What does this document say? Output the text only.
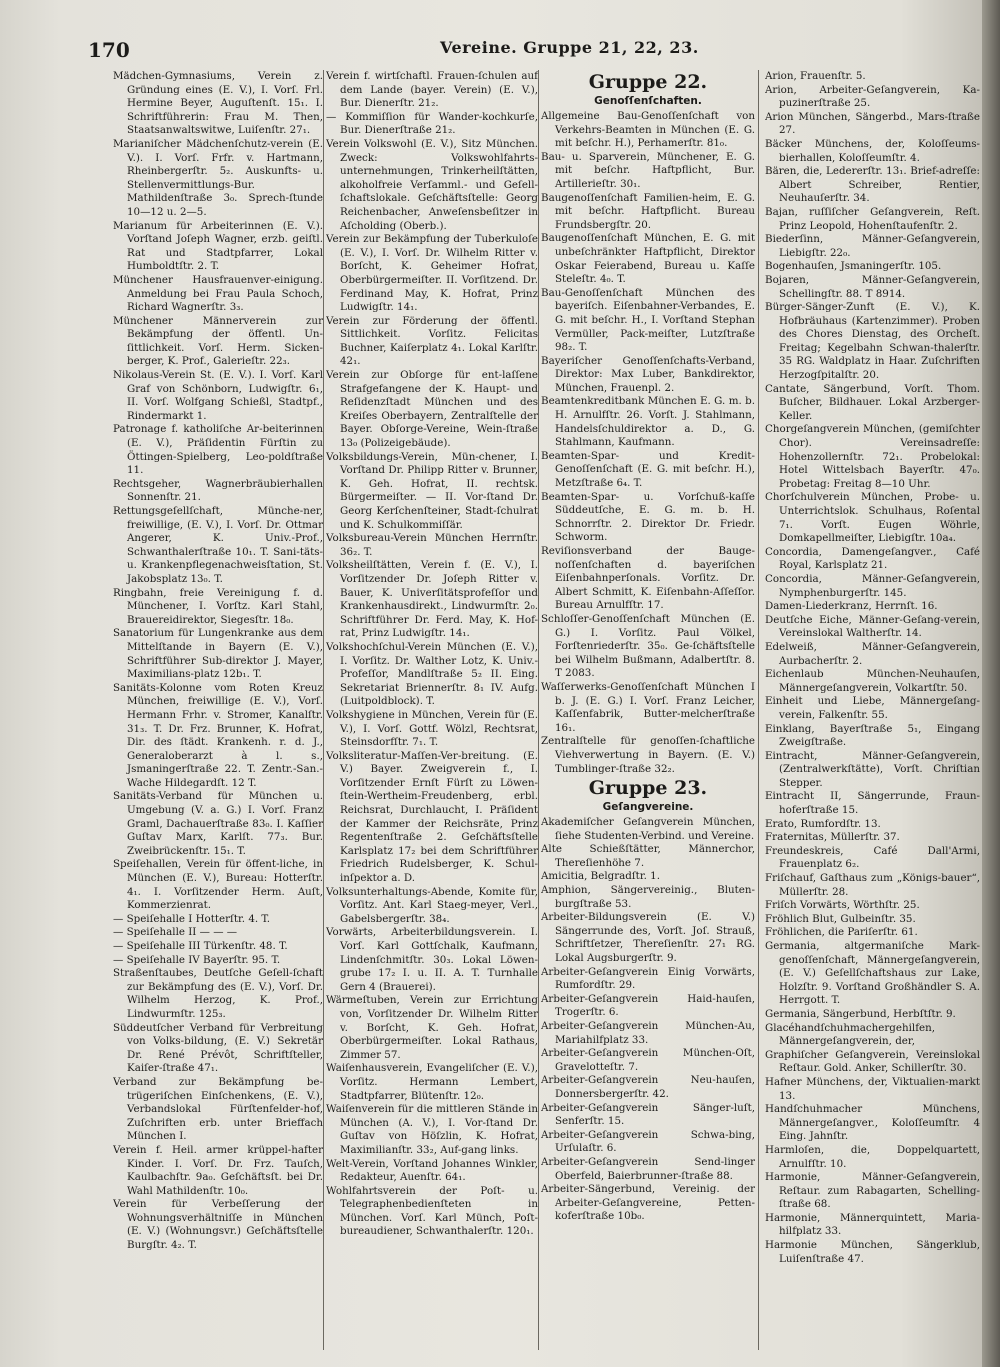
170	Vereine. Gruppe 21, 22, 23.

Mädchen-Gymnasiums, Verein z. Gründung eines (E. V.), I. Vorſ. Frl. Hermine Beyer, Auguſtenſt. 15₁. I. Schriftführerin: Frau M. Then, Staatsanwaltswitwe, Luiſenſtr. 27₁.

Marianiſcher Mädchenſchutz-verein (E. V.). I. Vorſ. Frfr. v. Hartmann, Rheinbergerſtr. 5₂. Auskunfts- u. Stellenvermittlungs-Bur. Mathildenſtraße 3₀. Sprech-ſtunde 10—12 u. 2—5.

Marianum für Arbeiterinnen (E. V.). Vorſtand Joſeph Wagner, erzb. geiſtl. Rat und Stadtpfarrer, Lokal Humboldtſtr. 2. T.

Münchener Hausfrauenver-einigung. Anmeldung bei Frau Paula Schoch, Richard Wagnerſtr. 3₃.

Münchener Männerverein zur Bekämpfung der öffentl. Un-ſittlichkeit. Vorſ. Herm. Sicken-berger, K. Prof., Galerieſtr. 22₃.

Nikolaus-Verein St. (E. V.). I. Vorſ. Karl Graf von Schönborn, Ludwigſtr. 6₁, II. Vorſ. Wolfgang Schießl, Stadtpf., Rindermarkt 1.

Patronage f. katholiſche Ar-beiterinnen (E. V.), Präſidentin Fürſtin zu Öttingen-Spielberg, Leo-poldſtraße 11.

Rechtsgeher, Wagnerbräubierhallen Sonnenſtr. 21.

Rettungsgeſellſchaft, Münche-ner, freiwillige, (E. V.), I. Vorſ. Dr. Ottmar Angerer, K. Univ.-Prof., Schwanthalerſtraße 10₁. T. Sani-täts- u. Krankenpflegenachweisſtation, St. Jakobsplatz 13₀. T.

Ringbahn, freie Vereinigung f. d. Münchener, I. Vorſtz. Karl Stahl, Brauereidirektor, Siegesſtr. 18₀.

Sanatorium für Lungenkranke aus dem Mittelſtande in Bayern (E. V.), Schriftführer Sub-direktor J. Mayer, Maximilians-platz 12b₁. T.

Sanitäts-Kolonne vom Roten Kreuz München, freiwillige (E. V.), Vorſ. Hermann Frhr. v. Stromer, Kanalſtr. 31₃. T. Dr. Frz. Brunner, K. Hofrat, Dir. des ſtädt. Krankenh. r. d. J., Generaloberarzt à l. s., Jsmaningerſtraße 22. T. Zentr.-San.-Wache Hildegardſt. 12 T.

Sanitäts-Verband für München u. Umgebung (V. a. G.) I. Vorſ. Franz Graml, Dachauerſtraße 83₀. I. Kaſſier Guſtav Marx, Karlſt. 77₃. Bur. Zweibrückenſtr. 15₁. T.

Speiſehallen, Verein für öffent-liche, in München (E. V.), Bureau: Hotterſtr. 4₁. I. Vorſitzender Herm. Auſt, Kommerzienrat.

— Speiſehalle I Hotterſtr. 4. T.

— Speiſehalle II — — —

— Speiſehalle III Türkenſtr. 48. T.

— Speiſehalle IV Bayerſtr. 95. T.

Straßenſtaubes, Deutſche Geſell-ſchaft zur Bekämpfung des (E. V.), Vorſ. Dr. Wilhelm Herzog, K. Prof., Lindwurmſtr. 125₃.

Süddeutſcher Verband für Verbreitung von Volks-bildung, (E. V.) Sekretär Dr. René Prévôt, Schriftſteller, Kaiſer-ſtraße 47₁.

Verband zur Bekämpfung be-trügeriſchen Einſchenkens, (E. V.), Verbandslokal Fürſtenfelder-hof, Zuſchriften erb. unter Brieffach München I.

Verein f. Heil. armer krüppel-hafter Kinder. I. Vorſ. Dr. Frz. Tauſch, Kaulbachſtr. 9a₀. Geſchäftsſt. bei Dr. Wahl Mathildenſtr. 10₀.

Verein für Verbeſſerung der Wohnungsverhältniſſe in München (E. V.) (Wohnungsvr.) Geſchäftsſtelle Burgſtr. 4₂. T.

Verein f. wirtſchaftl. Frauen-ſchulen auf dem Lande (bayer. Verein) (E. V.), Bur. Dienerſtr. 21₂.

— Kommiſſion für Wander-kochkurſe, Bur. Dienerſtraße 21₂.

Verein Volkswohl (E. V.), Sitz München. Zweck: Volkswohlfahrts-unternehmungen, Trinkerheilſtätten, alkoholfreie Verſamml.- und Geſell-ſchaftslokale. Geſchäftsſtelle: Georg Reichenbacher, Anweſensbeſitzer in Aſcholding (Oberb.).

Verein zur Bekämpfung der Tuberkuloſe (E. V.), I. Vorſ. Dr. Wilhelm Ritter v. Borſcht, K. Geheimer Hofrat, Oberbürgermeiſter. II. Vorſitzend. Dr. Ferdinand May, K. Hofrat, Prinz Ludwigſtr. 14₁.

Verein zur Förderung der öffentl. Sittlichkeit. Vorſitz. Felicitas Buchner, Kaiſerplatz 4₁. Lokal Karlſtr. 42₁.

Verein zur Obſorge für ent-laſſene Strafgefangene der K. Haupt- und Reſidenzſtadt München und des Kreiſes Oberbayern, Zentralſtelle der Bayer. Obſorge-Vereine, Wein-ſtraße 13₀ (Polizeigebäude).

Volksbildungs-Verein, Mün-chener, I. Vorſtand Dr. Philipp Ritter v. Brunner, K. Geh. Hofrat, II. rechtsk. Bürgermeiſter. — II. Vor-ſtand Dr. Georg Kerſchenſteiner, Stadt-ſchulrat und K. Schulkommiſſär.

Volksbureau-Verein München Herrnſtr. 36₂. T.

Volksheilſtätten, Verein f. (E. V.), I. Vorſitzender Dr. Joſeph Ritter v. Bauer, K. Univerſitätsprofeſſor und Krankenhausdirekt., Lindwurmſtr. 2₀. Schriftführer Dr. Ferd. May, K. Hof-rat, Prinz Ludwigſtr. 14₁.

Volkshochſchul-Verein München (E. V.), I. Vorſitz. Dr. Walther Lotz, K. Univ.-Profeſſor, Mandlſtraße 5₂ II. Eing. Sekretariat Briennerſtr. 8₁ IV. Aufg. (Luitpoldblock). T.

Volkshygiene in München, Verein für (E. V.), I. Vorſ. Gottf. Wölzl, Rechtsrat, Steinsdorfſtr. 7₁. T.

Volksliteratur-Maſſen-Ver-breitung. (E. V.) Bayer. Zweigverein f., I. Vorſitzender Ernſt Fürſt zu Löwen-ſtein-Wertheim-Freudenberg, erbl. Reichsrat, Durchlaucht, I. Präſident der Kammer der Reichsräte, Prinz Regentenſtraße 2. Geſchäftsſtelle Karlsplatz 17₂ bei dem Schriftführer Friedrich Rudelsberger, K. Schul-inſpektor a. D.

Volksunterhaltungs-Abende, Komite für, Vorſitz. Ant. Karl Staeg-meyer, Verl., Gabelsbergerſtr. 38₄.

Vorwärts, Arbeiterbildungsverein. I. Vorſ. Karl Gottſchalk, Kaufmann, Lindenſchmitſtr. 30₃. Lokal Löwen-grube 17₂ I. u. II. A. T. Turnhalle Gern 4 (Brauerei).

Wärmeſtuben, Verein zur Errichtung von, Vorſitzender Dr. Wilhelm Ritter v. Borſcht, K. Geh. Hofrat, Oberbürgermeiſter. Lokal Rathaus, Zimmer 57.

Waiſenhausverein, Evangeliſcher (E. V.), Vorſitz. Hermann Lembert, Stadtpfarrer, Blütenſtr. 12₀.

Waiſenverein für die mittleren Stände in München (A. V.), I. Vor-ſtand Dr. Guſtav von Höſzlin, K. Hofrat, Maximilianſtr. 33₂, Auf-gang links.

Welt-Verein, Vorſtand Johannes Winkler, Redakteur, Auenſtr. 64₁.

Wohlfahrtsverein der Poſt- u. Telegraphenbedienſteten in München. Vorſ. Karl Münch, Poſt-bureaudiener, Schwanthalerſtr. 120₁.

Gruppe 22.

Genoſſenſchaften.

Allgemeine Bau-Genoſſenſchaft von Verkehrs-Beamten in München (E. G. mit beſchr. H.), Perhamerſtr. 81₀.

Bau- u. Sparverein, Münchener, E. G. mit beſchr. Haftpflicht, Bur. Artillerieſtr. 30₁.

Baugenoſſenſchaft Familien-heim, E. G. mit beſchr. Haftpflicht. Bureau Frundsbergſtr. 20.

Baugenoſſenſchaft München, E. G. mit unbeſchränkter Haftpflicht, Direktor Oskar Feierabend, Bureau u. Kaſſe Steleſtr. 4₀. T.

Bau-Genoſſenſchaft München des bayeriſch. Eiſenbahner-Verbandes, E. G. mit beſchr. H., I. Vorſtand Stephan Vermüller, Pack-meiſter, Lutzſtraße 98₂. T.

Bayeriſcher Genoſſenſchafts-Verband, Direktor: Max Luber, Bankdirektor, München, Frauenpl. 2.

Beamtenkreditbank München E. G. m. b. H. Arnulfſtr. 26. Vorſt. J. Stahlmann, Handelsſchuldirektor a. D., G. Stahlmann, Kaufmann.

Beamten-Spar- und Kredit-Genoſſenſchaft (E. G. mit beſchr. H.), Metzſtraße 6₄. T.

Beamten-Spar- u. Vorſchuß-kaſſe Süddeutſche, E. G. m. b. H. Schnorrſtr. 2. Direktor Dr. Friedr. Schworm.

Reviſionsverband der Bauge-noſſenſchaften d. bayeriſchen Eiſenbahnperſonals. Vorſitz. Dr. Albert Schmitt, K. Eiſenbahn-Aſſeſſor. Bureau Arnulfſtr. 17.

Schloſſer-Genoſſenſchaft München (E. G.) I. Vorſitz. Paul Völkel, Forſtenriederſtr. 35₀. Ge-ſchäftsſtelle bei Wilhelm Bußmann, Adalbertſtr. 8. T 2083.

Waſſerwerks-Genoſſenſchaft München I b. J. (E. G.) I. Vorſ. Franz Leicher, Kaſſenfabrik, Butter-melcherſtraße 16₁.

Zentralſtelle für genoſſen-ſchaftliche Viehverwertung in Bayern. (E. V.) Tumblinger-ſtraße 32₂.

Gruppe 23.

Geſangvereine.

Akademiſcher Geſangverein München, ſiehe Studenten-Verbind. und Vereine.

Alte Schießſtätter, Männerchor, Thereſienhöhe 7.

Amicitia, Belgradſtr. 1.

Amphion, Sängervereinig., Bluten-burgſtraße 53.

Arbeiter-Bildungsverein (E. V.) Sängerrunde des, Vorſt. Joſ. Strauß, Schriftſetzer, Thereſienſtr. 27₁ RG. Lokal Augsburgerſtr. 9.

Arbeiter-Geſangverein Einig Vorwärts, Rumfordſtr. 29.

Arbeiter-Geſangverein Haid-hauſen, Trogerſtr. 6.

Arbeiter-Geſangverein München-Au, Mariahilfplatz 33.

Arbeiter-Geſangverein München-Oſt, Gravelotteſtr. 7.

Arbeiter-Geſangverein Neu-hauſen, Donnersbergerſtr. 42.

Arbeiter-Geſangverein Sänger-luſt, Senferſtr. 15.

Arbeiter-Geſangverein Schwa-bing, Urſulaſtr. 6.

Arbeiter-Geſangverein Send-linger Oberfeld, Baierbrunner-ſtraße 88.

Arbeiter-Sängerbund, Vereinig. der Arbeiter-Geſangvereine, Petten-koferſtraße 10b₀.

Arion, Frauenſtr. 5.

Arion, Arbeiter-Geſangverein, Ka-puzinerſtraße 25.

Arion München, Sängerbd., Mars-ſtraße 27.

Bäcker Münchens, der, Koloſſeums-bierhallen, Koloſſeumſtr. 4.

Bären, die, Ledererſtr. 13₁. Brief-adreſſe: Albert Schreiber, Rentier, Neuhauſerſtr. 34.

Bajan, ruſſiſcher Geſangverein, Reſt. Prinz Leopold, Hohenſtaufenſtr. 2.

Biederſinn, Männer-Geſangverein, Liebigſtr. 22₀.

Bogenhauſen, Jsmaningerſtr. 105.

Bojaren, Männer-Geſangverein, Schellingſtr. 88. T 8914.

Bürger-Sänger-Zunft (E. V.), K. Hofbräuhaus (Kartenzimmer). Proben des Chores Dienstag, des Orcheſt. Freitag; Kegelbahn Schwan-thalerſtr. 35 RG. Waldplatz in Haar. Zuſchriften Herzogſpitalſtr. 20.

Cantate, Sängerbund, Vorſt. Thom. Buſcher, Bildhauer. Lokal Arzberger-Keller.

Chorgeſangverein München, (gemiſchter Chor). Vereinsadreſſe: Hohenzollernſtr. 72₁. Probelokal: Hotel Wittelsbach Bayerſtr. 47₀. Probetag: Freitag 8—10 Uhr.

Chorſchulverein München, Probe- u. Unterrichtslok. Schulhaus, Roſental 7₁. Vorſt. Eugen Wöhrle, Domkapellmeiſter, Liebigſtr. 10a₄.

Concordia, Damengeſangver., Café Royal, Karlsplatz 21.

Concordia, Männer-Geſangverein, Nymphenburgerſtr. 145.

Damen-Liederkranz, Herrnſt. 16.

Deutſche Eiche, Männer-Geſang-verein, Vereinslokal Waltherſtr. 14.

Edelweiß, Männer-Geſangverein, Aurbacherſtr. 2.

Eichenlaub München-Neuhauſen, Männergeſangverein, Volkartſtr. 50.

Einheit und Liebe, Männergeſang-verein, Falkenſtr. 55.

Einklang, Bayerſtraße 5₁, Eingang Zweigſtraße.

Eintracht, Männer-Geſangverein, (Zentralwerkſtätte), Vorſt. Chriſtian Stepper.

Eintracht II, Sängerrunde, Fraun-hoferſtraße 15.

Erato, Rumfordſtr. 13.

Fraternitas, Müllerſtr. 37.

Freundeskreis, Café Dall'Armi, Frauenplatz 6₂.

Friſchauf, Gaſthaus zum „Königs-bauer“, Müllerſtr. 28.

Friſch Vorwärts, Wörthſtr. 25.

Fröhlich Blut, Gulbeinſtr. 35.

Fröhlichen, die Pariſerſtr. 61.

Germania, altgermaniſche Mark-genoſſenſchaft, Männergeſangverein, (E. V.) Geſellſchaftshaus zur Lake, Holzſtr. 9. Vorſtand Großhändler S. A. Herrgott. T.

Germania, Sängerbund, Herbſtſtr. 9.

Glacéhandſchuhmachergehilfen, Männergeſangverein, der,

Graphiſcher Geſangverein, Vereinslokal Reſtaur. Gold. Anker, Schillerſtr. 30.

Hafner Münchens, der, Viktualien-markt 13.

Handſchuhmacher Münchens, Männergeſangver., Koloſſeumſtr. 4 Eing. Jahnſtr.

Harmloſen, die, Doppelquartett, Arnulfſtr. 10.

Harmonie, Männer-Geſangverein, Reſtaur. zum Rabagarten, Schelling-ſtraße 68.

Harmonie, Männerquintett, Maria-hilfplatz 33.

Harmonie München, Sängerklub, Luiſenſtraße 47.
